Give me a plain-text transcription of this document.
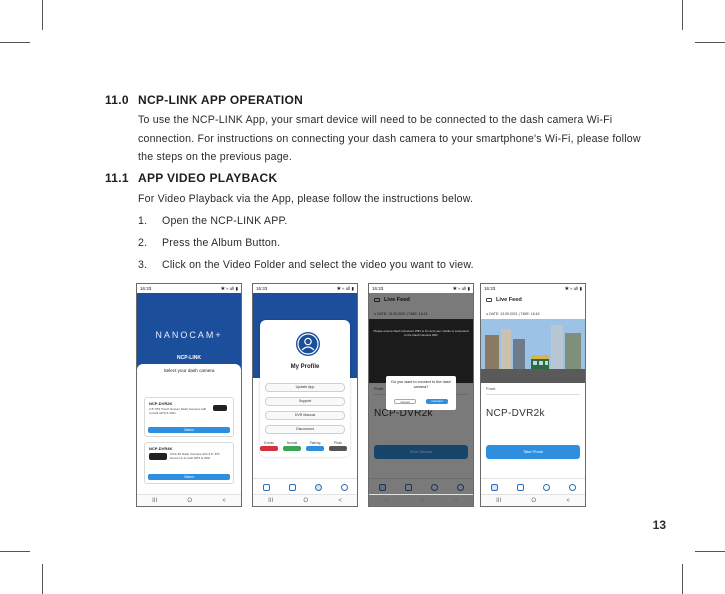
11.0 NCP-LINK APP OPERATION
To use the NCP-LINK App, your smart device will need to be connected to the dash camera Wi-Fi connection. For instructions on connecting your dash camera to your smartphone's Wi-Fi, please follow the steps on the previous page.
11.1 APP VIDEO PLAYBACK
For Video Playback via the App, please follow the instructions below.
1. Open the NCP-LINK APP.
2. Press the Album Button.
3. Click on the Video Folder and select the video you want to view.
16:33	✱ ≈ ull ▮
NANOCAM+
NCP-LINK
Select your dash camera
NCP-DVR2K
2.5" IPS Touch Screen Dash Camera with In-built GPS & WiFi
Select
NCP-DVR4K
Ultra 4K Dash Camera with 3.0" IPS Screen & In-built GPS & WiFi
Select
III	O	<
16:33	✱ ≈ ull ▮
My Profile
Update App
Support
DVR Manual
Disconnect
Events	Normal	Parking	Photo
III	O	<
16:33	✱ ≈ ull ▮
Please ensure Dash Camera's WiFi is On and your mobile is connected to the Dash Camera WiFi
Do you want to connect to the dash camera?
Cancel	Connect
III	O	<
16:33	✱ ≈ ull ▮
Live Feed
● DATE: 13.09.2021 | TIME: 16:16
Front
NCP-DVR2k
Take Photo
III	O	<
13
